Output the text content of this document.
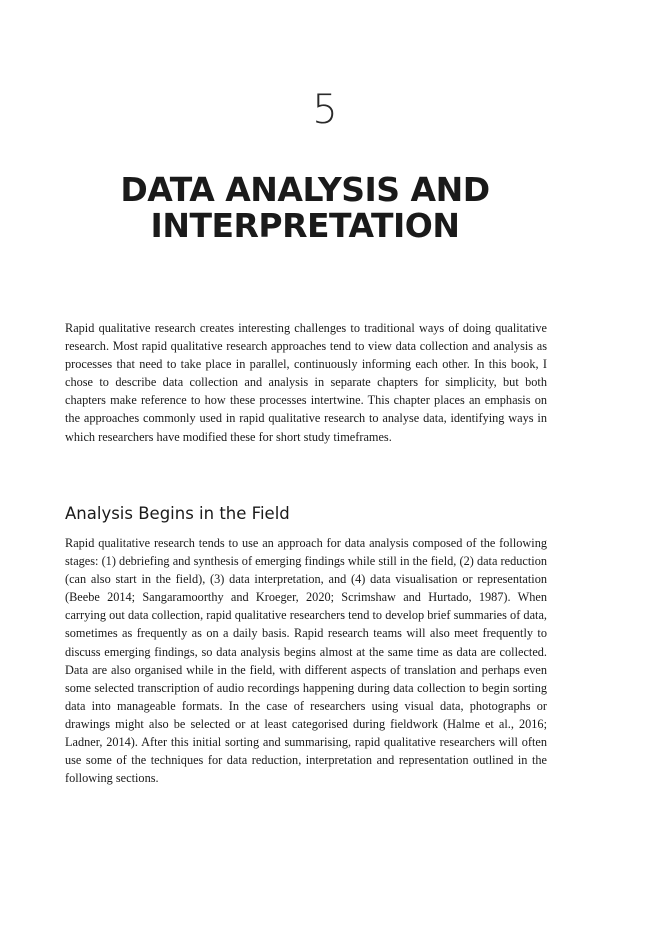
5
DATA ANALYSIS AND
INTERPRETATION

Rapid qualitative research creates interesting challenges to traditional ways of doing qualitative research. Most rapid qualitative research approaches tend to view data collection and analysis as processes that need to take place in parallel, continuously informing each other. In this book, I chose to describe data collection and analysis in separate chapters for simplicity, but both chapters make reference to how these processes intertwine. This chapter places an emphasis on the approaches commonly used in rapid qualitative research to analyse data, identifying ways in which researchers have modified these for short study timeframes.

Analysis Begins in the Field

Rapid qualitative research tends to use an approach for data analysis composed of the following stages: (1) debriefing and synthesis of emerging findings while still in the field, (2) data reduction (can also start in the field), (3) data interpretation, and (4) data visualisation or representation (Beebe 2014; Sangaramoorthy and Kroeger, 2020; Scrimshaw and Hurtado, 1987). When carrying out data collection, rapid qualitative researchers tend to develop brief summaries of data, sometimes as frequently as on a daily basis. Rapid research teams will also meet frequently to discuss emerging findings, so data analysis begins almost at the same time as data are collected. Data are also organised while in the field, with different aspects of translation and perhaps even some selected transcription of audio recordings happening during data collection to begin sorting data into manageable formats. In the case of researchers using visual data, photographs or drawings might also be selected or at least categorised during fieldwork (Halme et al., 2016; Ladner, 2014). After this initial sorting and summarising, rapid qualitative researchers will often use some of the techniques for data reduction, interpretation and representation outlined in the following sections.
